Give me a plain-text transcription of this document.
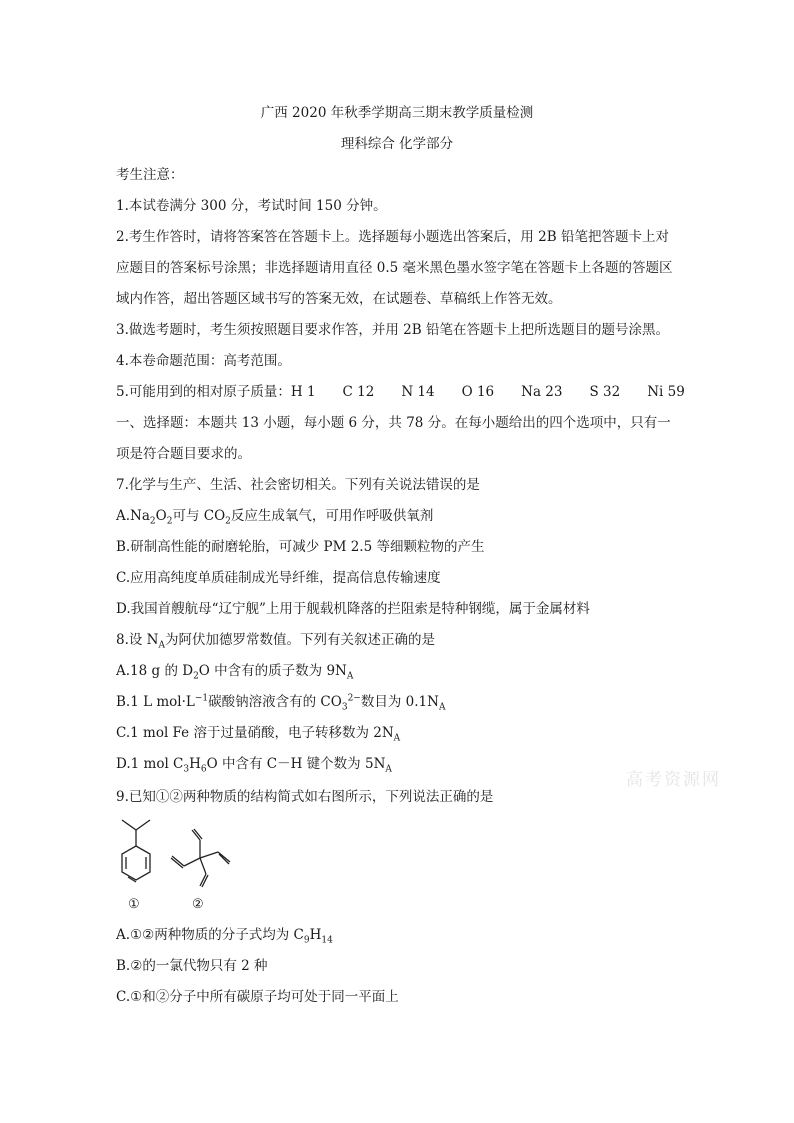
广西 2020 年秋季学期高三期末教学质量检测
理科综合 化学部分
考生注意：
1.本试卷满分 300 分，考试时间 150 分钟。
2.考生作答时，请将答案答在答题卡上。选择题每小题选出答案后，用 2B 铅笔把答题卡上对
应题目的答案标号涂黑；非选择题请用直径 0.5 毫米黑色墨水签字笔在答题卡上各题的答题区
域内作答，超出答题区域书写的答案无效，在试题卷、草稿纸上作答无效。
3.做选考题时，考生须按照题目要求作答，并用 2B 铅笔在答题卡上把所选题目的题号涂黑。
4.本卷命题范围：高考范围。
5.可能用到的相对原子质量：H 1　　C 12　　N 14　　O 16　　Na 23　　S 32　　Ni 59
一、选择题：本题共 13 小题，每小题 6 分，共 78 分。在每小题给出的四个选项中，只有一
项是符合题目要求的。
7.化学与生产、生活、社会密切相关。下列有关说法错误的是
$A.Na_2O_2$可与 $CO_2$反应生成氧气，可用作呼吸供氧剂
B.研制高性能的耐磨轮胎，可减少 PM 2.5 等细颗粒物的产生
C.应用高纯度单质硅制成光导纤维，提高信息传输速度
D.我国首艘航母“辽宁舰”上用于舰载机降落的拦阻索是特种钢缆，属于金属材料
8.设 $N_A$为阿伏加德罗常数值。下列有关叙述正确的是
A.18 g 的 $D_2O$ 中含有的质子数为 $9N_A$
B.1 L $mol\cdot L^{-1}$碳酸钠溶液含有的 $CO_3^{2-}$数目为 $0.1N_A$
C.1 mol Fe 溶于过量硝酸，电子转移数为 $2N_A$
D.1 mol $C_3H_6O$ 中含有 C－H 键个数为 $5N_A$
高考资源网
9.已知①②两种物质的结构简式如右图所示，下列说法正确的是
①	②
A.①②两种物质的分子式均为 $C_9H_{14}$
B.②的一氯代物只有 2 种
C.①和②分子中所有碳原子均可处于同一平面上
